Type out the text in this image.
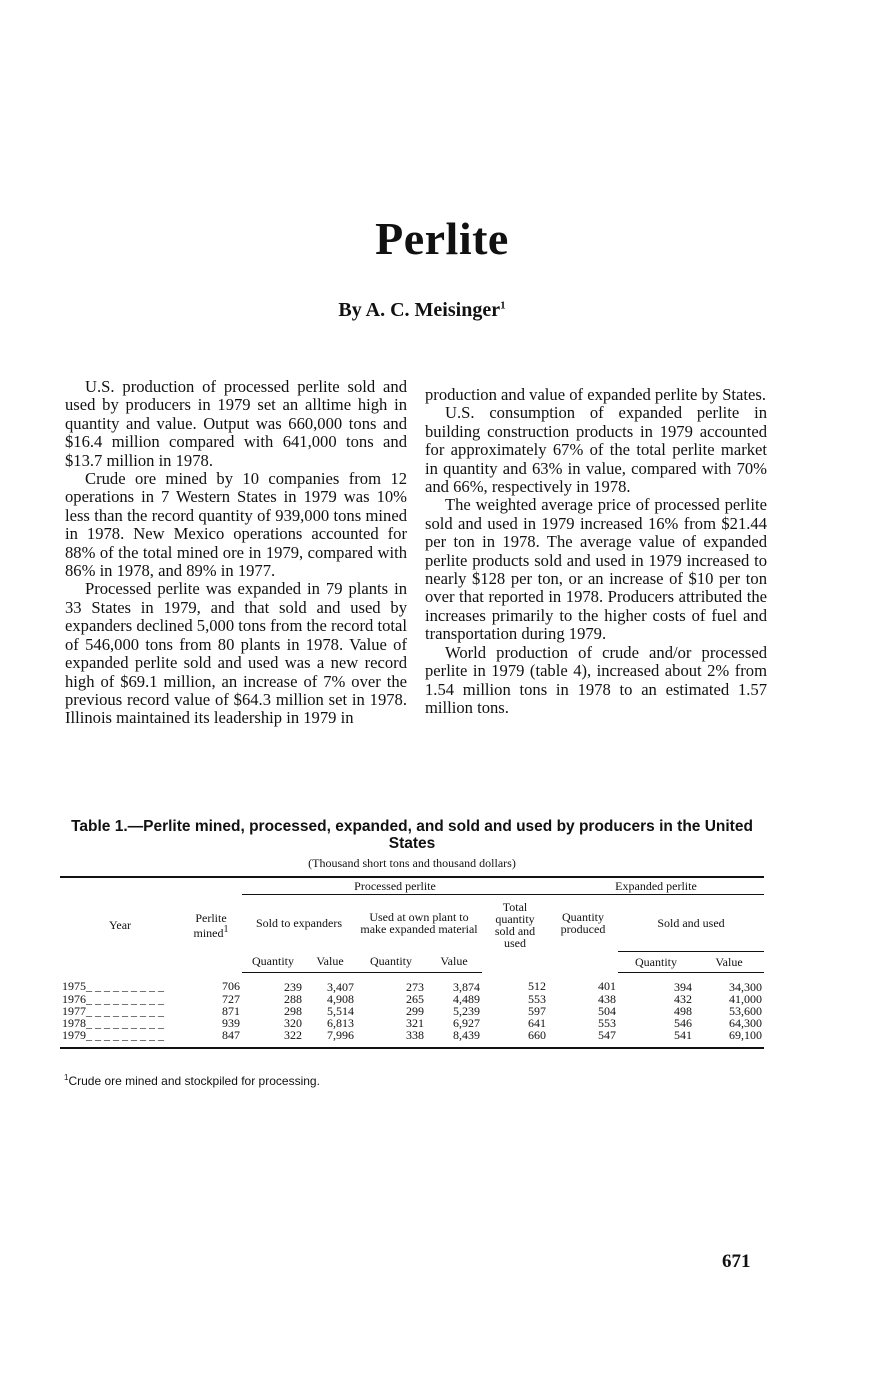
Perlite
By A. C. Meisinger$^1$

U.S. production of processed perlite sold and used by producers in 1979 set an alltime high in quantity and value. Output was 660,000 tons and $16.4 million compared with 641,000 tons and $13.7 million in 1978.

Crude ore mined by 10 companies from 12 operations in 7 Western States in 1979 was 10% less than the record quantity of 939,000 tons mined in 1978. New Mexico operations accounted for 88% of the total mined ore in 1979, compared with 86% in 1978, and 89% in 1977.

Processed perlite was expanded in 79 plants in 33 States in 1979, and that sold and used by expanders declined 5,000 tons from the record total of 546,000 tons from 80 plants in 1978. Value of expanded perlite sold and used was a new record high of $69.1 million, an increase of 7% over the previous record value of $64.3 million set in 1978. Illinois maintained its leadership in 1979 in

production and value of expanded perlite by States.

U.S. consumption of expanded perlite in building construction products in 1979 accounted for approximately 67% of the total perlite market in quantity and 63% in value, compared with 70% and 66%, respectively in 1978.

The weighted average price of processed perlite sold and used in 1979 increased 16% from $21.44 per ton in 1978. The average value of expanded perlite products sold and used in 1979 increased to nearly $128 per ton, or an increase of $10 per ton over that reported in 1978. Producers attributed the increases primarily to the higher costs of fuel and transportation during 1979.

World production of crude and/or processed perlite in 1979 (table 4), increased about 2% from 1.54 million tons in 1978 to an estimated 1.57 million tons.

Table 1.—Perlite mined, processed, expanded, and sold and used by producers in the United States

(Thousand short tons and thousand dollars)

Year	Perlite mined$^1$	Processed perlite					Expanded perlite		
		Sold to expanders		Used at own plant to make expanded material		Total quantity sold and used	Quantity produced	Sold and used	
		Quantity	Value	Quantity	Value			Quantity	Value
1975_ _ _ _ _ _ _ _ _	706	239	3,407	273	3,874	512	401	394	34,300
1976_ _ _ _ _ _ _ _ _	727	288	4,908	265	4,489	553	438	432	41,000
1977_ _ _ _ _ _ _ _ _	871	298	5,514	299	5,239	597	504	498	53,600
1978_ _ _ _ _ _ _ _ _	939	320	6,813	321	6,927	641	553	546	64,300
1979_ _ _ _ _ _ _ _ _	847	322	7,996	338	8,439	660	547	541	69,100

$^1$Crude ore mined and stockpiled for processing.

671
